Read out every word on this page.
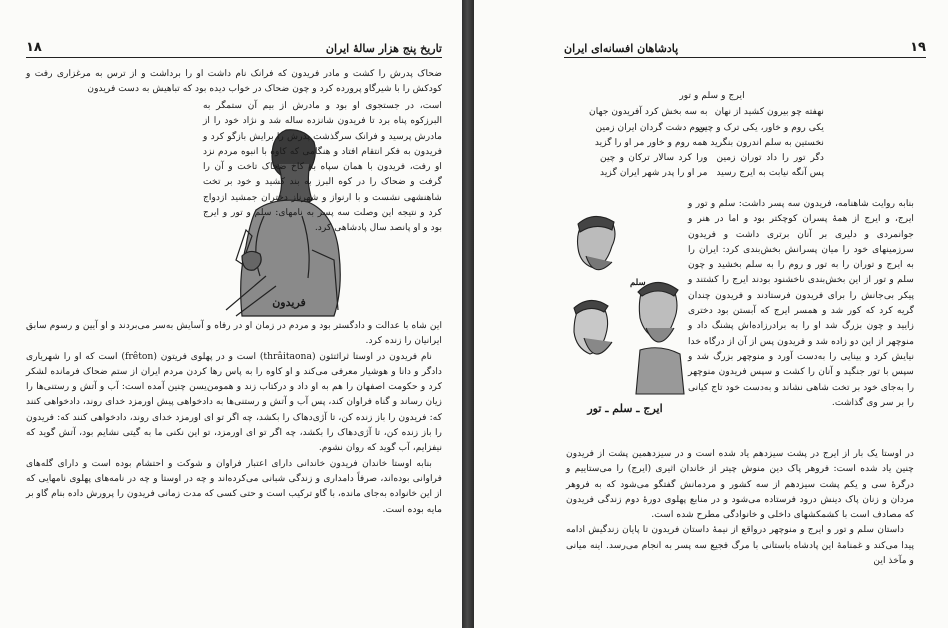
۱۸	تاریخ پنج هزار سالهٔ ایران

ضحاک پدرش را کشت و مادر فریدون که فرانک نام داشت او را برداشت و از ترس به مرغزاری رفت و کودکش را با شیرگاو پرورده کرد و چون ضحاک در خواب دیده بود که تباهیش به دست فریدون

فریدون

است، در جستجوی او بود و مادرش از بیم آن ستمگر به البرزکوه پناه برد تا فریدون شانزده ساله شد و نژاد خود را از مادرش پرسید و فرانک سرگذشت پدرش را برایش بازگو کرد و فریدون به فکر انتقام افتاد و هنگامی که کاوه با انبوه مردم نزد او رفت، فریدون با همان سپاه به کاخ ضحاک تاخت و آن را گرفت و ضحاک را در کوه البرز به بند کشید و خود بر تخت شاهنشهی نشست و با ارنواز و شهرناز دختران جمشید ازدواج کرد و نتیجه این وصلت سه پسر به نامهای: سلم و تور و ایرج بود و او پانصد سال پادشاهی کرد.

این شاه با عدالت و دادگستر بود و مردم در زمان او در رفاه و آسایش به‌سر می‌بردند و او آیین و رسوم سابق ایرانیان را زنده کرد.

نام فریدون در اوستا ثرائتئون (thrâitaona) است و در پهلوی فریتون (frêton) است که او را شهریاری دادگر و دانا و هوشیار معرفی می‌کند و او کاوه را به پاس رها کردن مردم ایران از ستم ضحاک فرمانده لشکر کرد و حکومت اصفهان را هم به او داد و درکتاب زند و همومن‌یسن چنین آمده است: آب و آتش و رستنی‌ها را زیان رساند و گناه فراوان کند، پس آب و آتش و رستنی‌ها به دادخواهی پیش اورمزد خدای روند، دادخواهی کنند که: فریدون را باز زنده کن، تا آژی‌دهاک را بکشد، چه اگر تو ای اورمزد خدای روند، دادخواهی کنند که: فریدون را باز زنده کن، تا آژی‌دهاک را بکشد، چه اگر تو ای اورمزد، تو این نکنی ما به گیتی نشایم بود، آتش گوید که نیفزایم، آب گوید که روان نشوم.

بنابه اوستا خاندان فریدون خاندانی دارای اعتبار فراوان و شوکت و احتشام بوده است و دارای گله‌های فراوانی بوده‌اند، صرفاً دامداری و زندگی شبانی می‌کرده‌اند و چه در اوستا و چه در نامه‌های پهلوی نامهایی که از این خانواده به‌جای مانده، با گاو ترکیب است و حتی کسی که مدت زمانی فریدون را پرورش داده بنام گاو بر مایه بوده است.

پادشاهان افسانه‌ای ایران	۱۹
ایرج و سلم و تور
نهفته چو بیرون کشید از نهان
به سه بخش کرد آفریدون جهان
یکی روم و خاور، یکی ترک و چین
سوم دشت گردان ایران زمین
نخستین به سلم اندرون بنگرید
همه روم و خاور مر او را گزید
دگر تور را داد توران زمین
ورا کرد سالار ترکان و چین
پس آنگه نیابت به ایرج رسید
مر او را پدر شهر ایران گزید
سلم
ایرج ـ سلم ـ تور

بنابه روایت شاهنامه، فریدون سه پسر داشت: سلم و تور و ایرج، و ایرج از همهٔ پسران کوچکتر بود و اما در هنر و جوانمردی و دلیری بر آنان برتری داشت و فریدون سرزمینهای خود را میان پسرانش بخش‌بندی کرد: ایران را به ایرج و توران را به تور و روم را به سلم بخشید و چون سلم و تور از این بخش‌بندی ناخشنود بودند ایرج را کشتند و پیکر بی‌جانش را برای فریدون فرستادند و فریدون چندان گریه کرد که کور شد و همسر ایرج که آبستن بود دختری زایید و چون بزرگ شد او را به برادرزاده‌اش پشنگ داد و منوچهر از این دو زاده شد و فریدون پس از آن از درگاه خدا نیایش کرد و بینایی را به‌دست آورد و منوچهر بزرگ شد و سپس با تور جنگید و آنان را کشت و سپس فریدون منوچهر را به‌جای خود بر تخت شاهی نشاند و به‌دست خود تاج کیانی را بر سر وی گذاشت.

در اوستا یک بار از ایرج در پشت سیزدهم یاد شده است و در سیزدهمین پشت از فریدون چنین یاد شده است: فروهر پاک دین منوش چیتر از خاندان اثیری (ایرج) را می‌ستاییم و درگرهٔ سی و یکم پشت سیزدهم از سه کشور و مردمانش گفتگو می‌شود که به فروهر مردان و زنان پاک دینش درود فرستاده می‌شود و در منابع پهلوی دورهٔ دوم زندگی فریدون که مصادف است با کشمکشهای داخلی و خانوادگی مطرح شده است.

داستان سلم و تور و ایرج و منوچهر درواقع از نیمهٔ داستان فریدون تا پایان زندگیش ادامه پیدا می‌کند و غمنامهٔ این پادشاه باستانی با مرگ فجیع سه پسر به انجام می‌رسد. اینه میانی و مآخذ این
